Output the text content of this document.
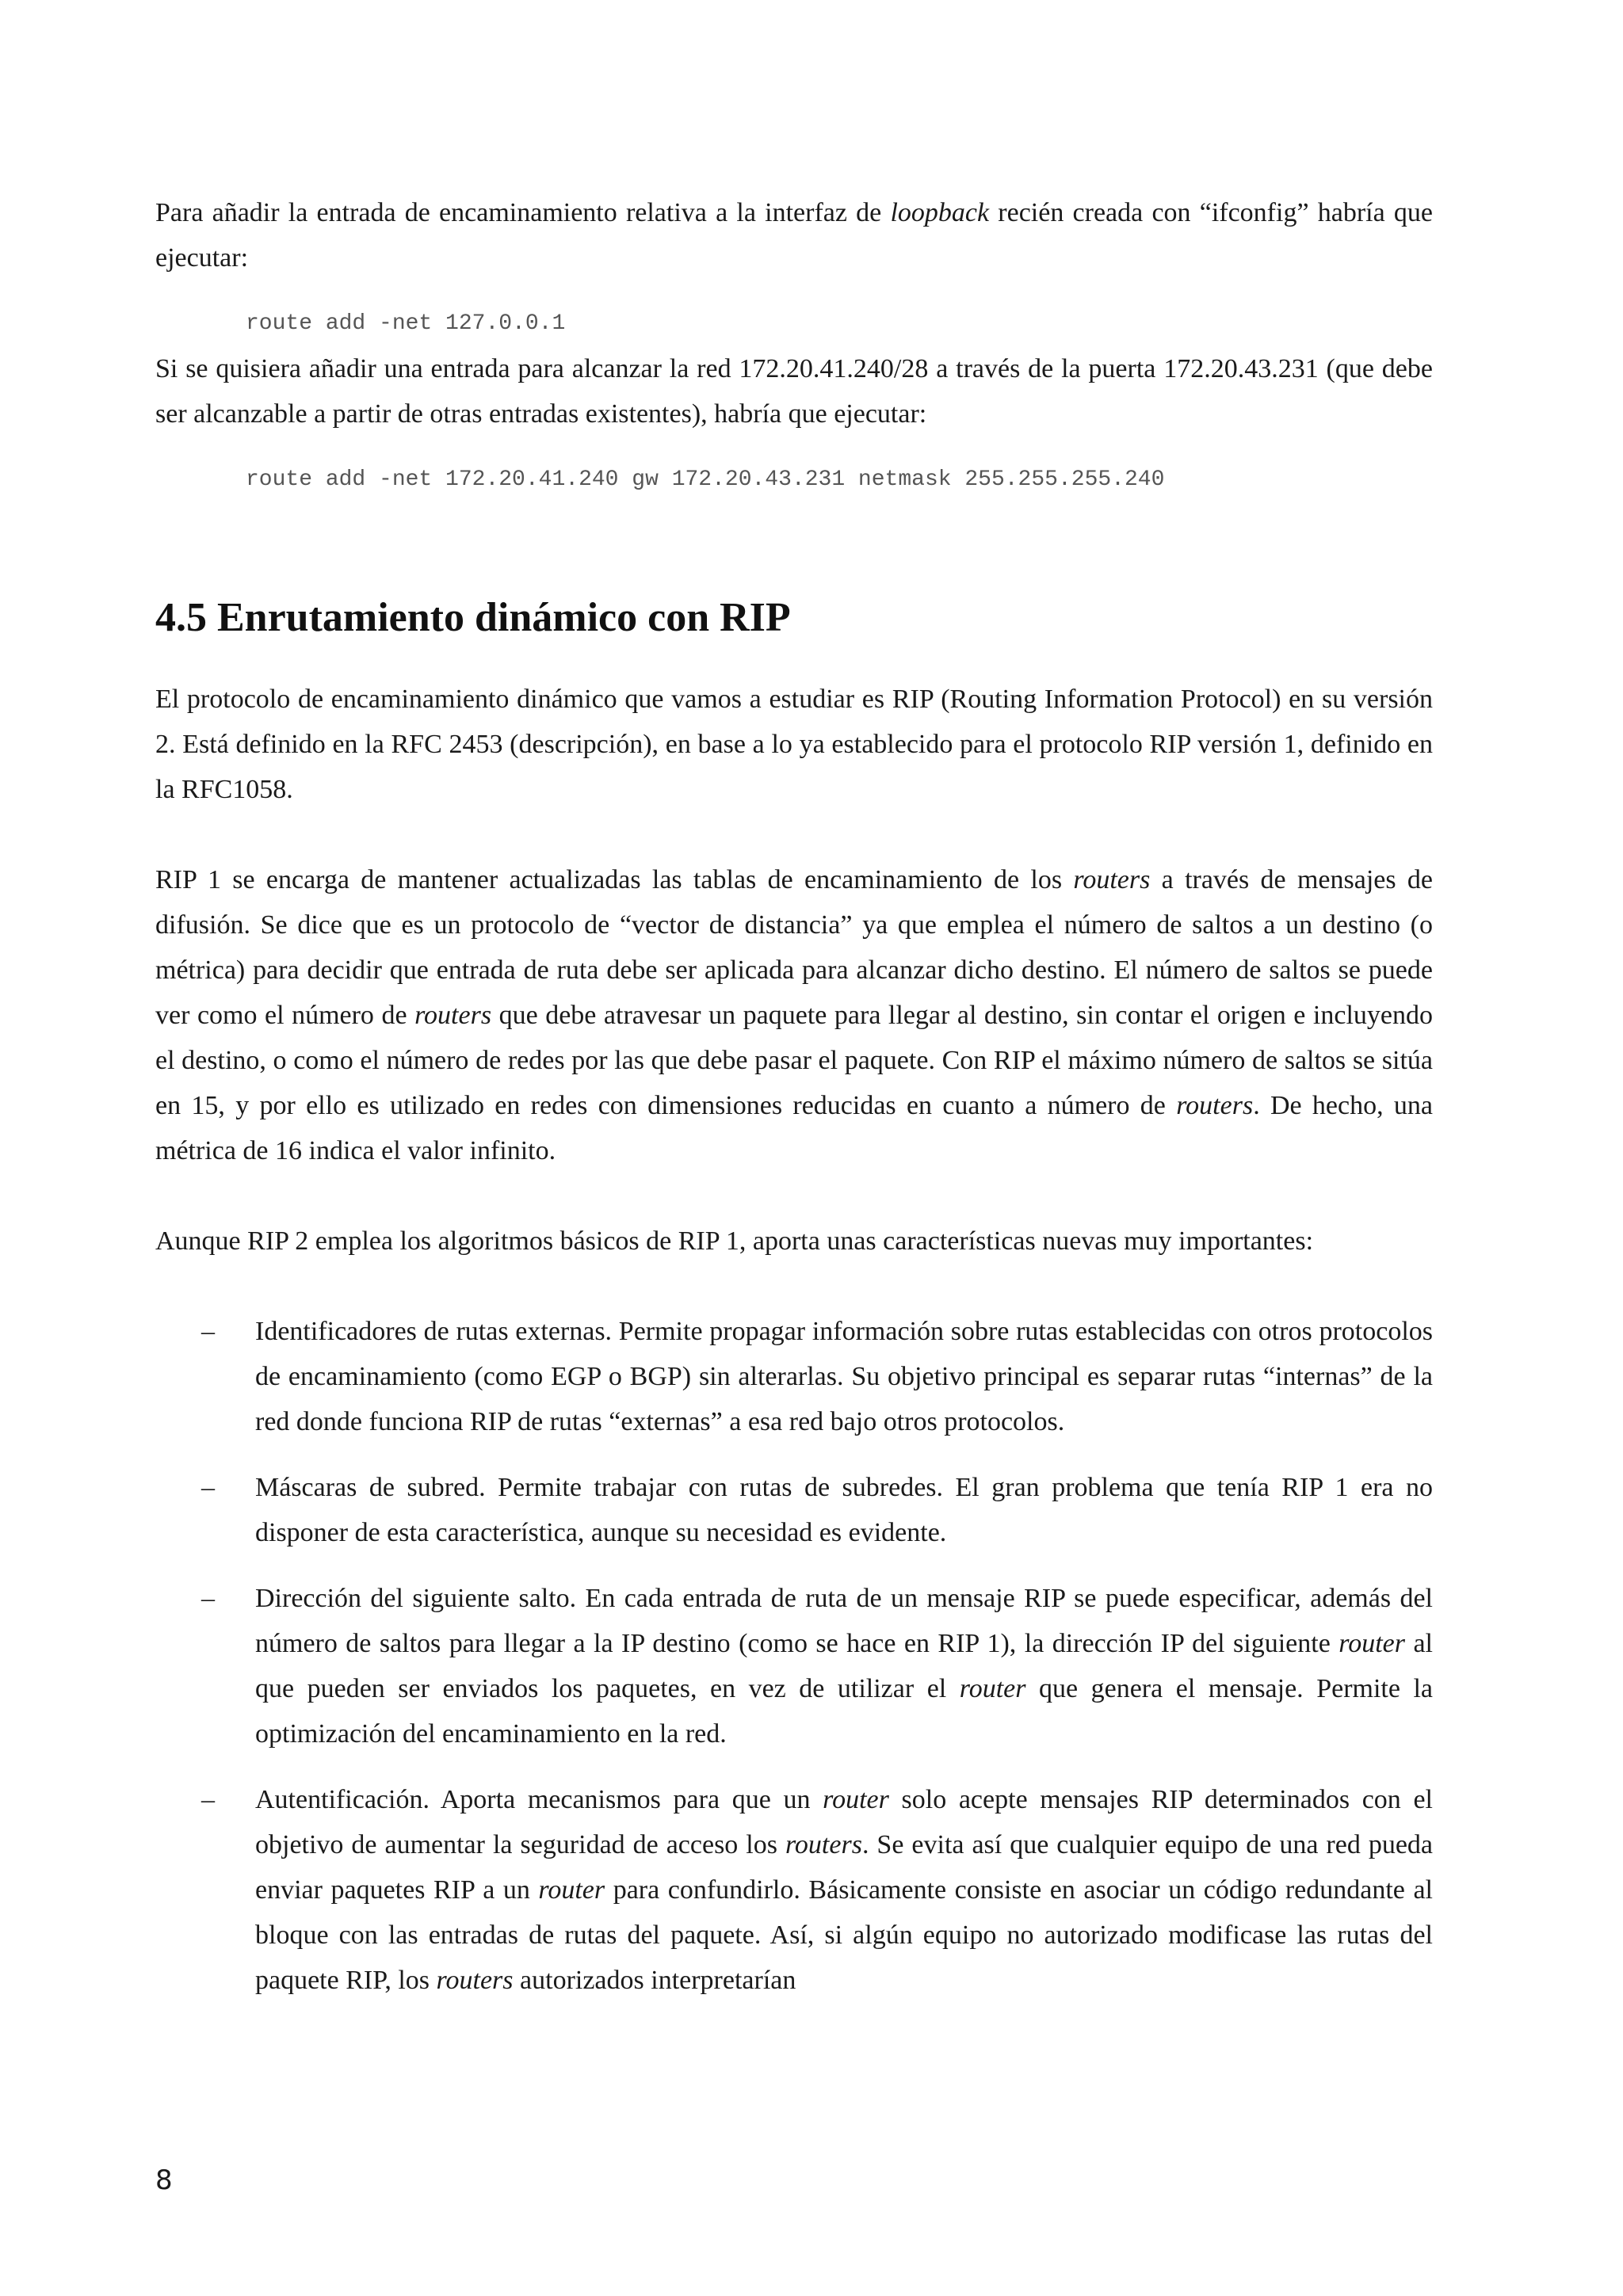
Para añadir la entrada de encaminamiento relativa a la interfaz de loopback recién creada con “ifconfig” habría que ejecutar:

route add -net 127.0.0.1

Si se quisiera añadir una entrada para alcanzar la red 172.20.41.240/28 a través de la puerta 172.20.43.231 (que debe ser alcanzable a partir de otras entradas existentes), habría que ejecutar:

route add -net 172.20.41.240 gw 172.20.43.231 netmask 255.255.255.240
4.5 Enrutamiento dinámico con RIP

El protocolo de encaminamiento dinámico que vamos a estudiar es RIP (Routing Information Protocol) en su versión 2. Está definido en la RFC 2453 (descripción), en base a lo ya establecido para el protocolo RIP versión 1, definido en la RFC1058.

RIP 1 se encarga de mantener actualizadas las tablas de encaminamiento de los routers a través de mensajes de difusión. Se dice que es un protocolo de “vector de distancia” ya que emplea el número de saltos a un destino (o métrica) para decidir que entrada de ruta debe ser aplicada para alcanzar dicho destino. El número de saltos se puede ver como el número de routers que debe atravesar un paquete para llegar al destino, sin contar el origen e incluyendo el destino, o como el número de redes por las que debe pasar el paquete. Con RIP el máximo número de saltos se sitúa en 15, y por ello es utilizado en redes con dimensiones reducidas en cuanto a número de routers. De hecho, una métrica de 16 indica el valor infinito.

Aunque RIP 2 emplea los algoritmos básicos de RIP 1, aporta unas características nuevas muy importantes:

– Identificadores de rutas externas. Permite propagar información sobre rutas establecidas con otros protocolos de encaminamiento (como EGP o BGP) sin alterarlas. Su objetivo principal es separar rutas “internas” de la red donde funciona RIP de rutas “externas” a esa red bajo otros protocolos.

– Máscaras de subred. Permite trabajar con rutas de subredes. El gran problema que tenía RIP 1 era no disponer de esta característica, aunque su necesidad es evidente.

– Dirección del siguiente salto. En cada entrada de ruta de un mensaje RIP se puede especificar, además del número de saltos para llegar a la IP destino (como se hace en RIP 1), la dirección IP del siguiente router al que pueden ser enviados los paquetes, en vez de utilizar el router que genera el mensaje. Permite la optimización del encaminamiento en la red.

– Autentificación. Aporta mecanismos para que un router solo acepte mensajes RIP determinados con el objetivo de aumentar la seguridad de acceso los routers. Se evita así que cualquier equipo de una red pueda enviar paquetes RIP a un router para confundirlo. Básicamente consiste en asociar un código redundante al bloque con las entradas de rutas del paquete. Así, si algún equipo no autorizado modificase las rutas del paquete RIP, los routers autorizados interpretarían

8
